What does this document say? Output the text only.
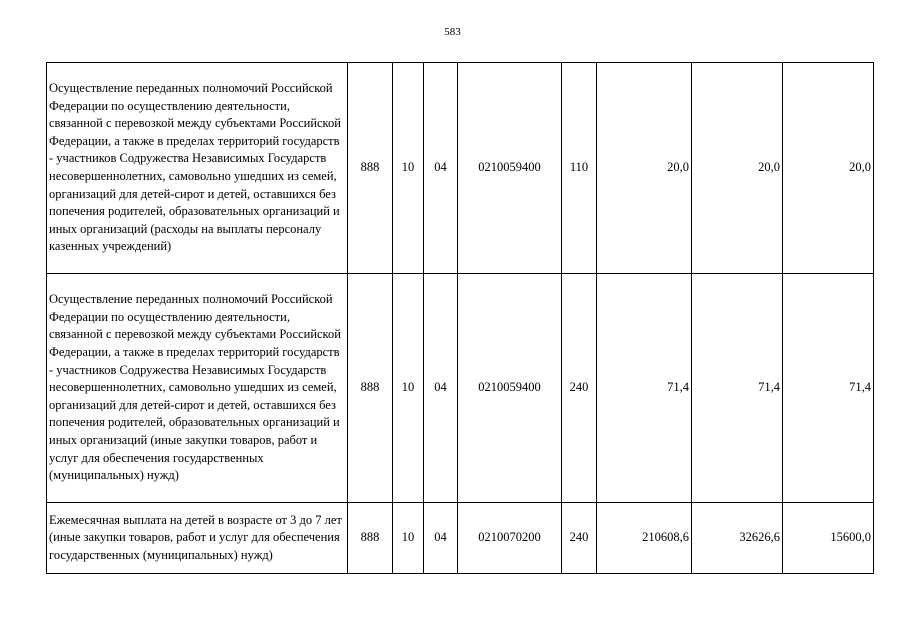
583
Осуществление переданных полномочий Российской Федерации по осуществлению деятельности, связанной с перевозкой между субъектами Российской Федерации, а также в пределах территорий государств - участников Содружества Независимых Государств несовершеннолетних, самовольно ушедших из семей, организаций для детей-сирот и детей, оставшихся без попечения родителей, образовательных организаций и иных организаций (расходы на выплаты персоналу казенных учреждений)	888	10	04	0210059400	110	20,0	20,0	20,0
Осуществление переданных полномочий Российской Федерации по осуществлению деятельности, связанной с перевозкой между субъектами Российской Федерации, а также в пределах территорий государств - участников Содружества Независимых Государств несовершеннолетних, самовольно ушедших из семей, организаций для детей-сирот и детей, оставшихся без попечения родителей, образовательных организаций и иных организаций (иные закупки товаров, работ и услуг для обеспечения государственных (муниципальных) нужд)	888	10	04	0210059400	240	71,4	71,4	71,4
Ежемесячная выплата на детей в возрасте от 3 до 7 лет (иные закупки товаров, работ и услуг для обеспечения государственных (муниципальных) нужд)	888	10	04	0210070200	240	210608,6	32626,6	15600,0
